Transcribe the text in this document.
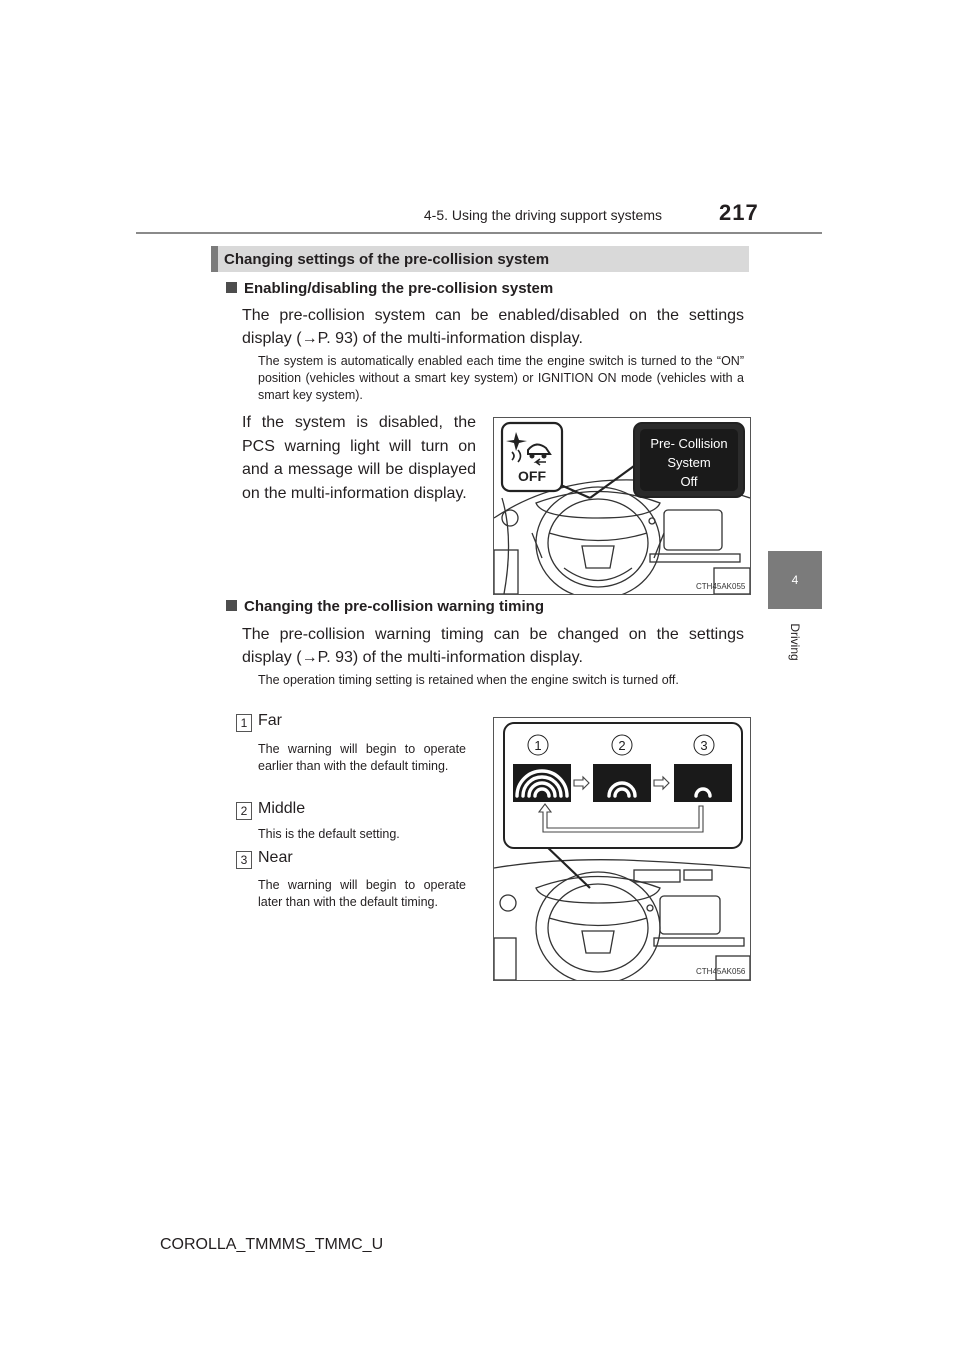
4-5. Using the driving support systems	217
4
Driving
Changing settings of the pre-collision system
Enabling/disabling the pre-collision system
The pre-collision system can be enabled/disabled on the settings display (→P. 93) of the multi-information display.
The system is automatically enabled each time the engine switch is turned to the “ON” position (vehicles without a smart key system) or IGNITION ON mode (vehicles with a smart key system).
If the system is disabled, the PCS warning light will turn on and a message will be displayed on the multi-information display.
OFF
Pre- Collision
System
Off
CTH45AK055
Changing the pre-collision warning timing
The pre-collision warning timing can be changed on the settings display (→P. 93) of the multi-information display.
The operation timing setting is retained when the engine switch is turned off.
1 Far
The warning will begin to operate earlier than with the default timing.
2 Middle
This is the default setting.
3 Near
The warning will begin to operate later than with the default timing.
1	2	3
CTH45AK056
COROLLA_TMMMS_TMMC_U
